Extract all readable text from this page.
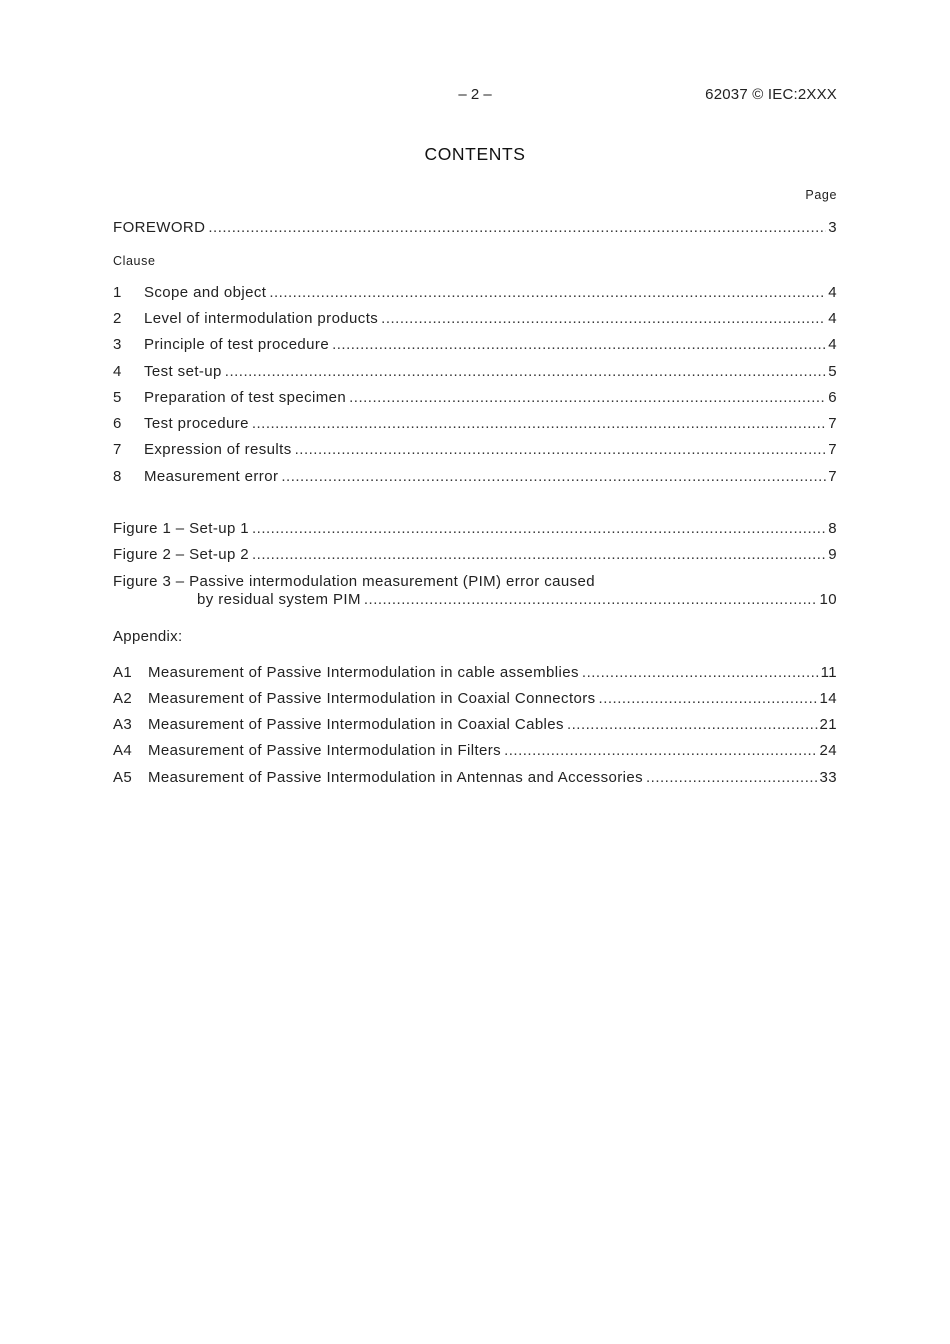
– 2 –	62037 © IEC:2XXX
CONTENTS
Page
FOREWORD .....	3
Clause
1	Scope and object .....	4
2	Level of intermodulation products .....	4
3	Principle of test procedure .....	4
4	Test set-up .....	5
5	Preparation of test specimen .....	6
6	Test procedure .....	7
7	Expression of results .....	7
8	Measurement error .....	7
Figure 1 – Set-up 1 .....	8
Figure 2 – Set-up 2 .....	9
Figure 3 – Passive intermodulation measurement (PIM) error caused
by residual system PIM .....	10
Appendix:
A1	Measurement of Passive Intermodulation in cable assemblies .....	11
A2	Measurement of Passive Intermodulation in Coaxial Connectors .....	14
A3	Measurement of Passive Intermodulation in Coaxial Cables .....	21
A4	Measurement of Passive Intermodulation in Filters .....	24
A5	Measurement of Passive Intermodulation in Antennas and Accessories .....	33
